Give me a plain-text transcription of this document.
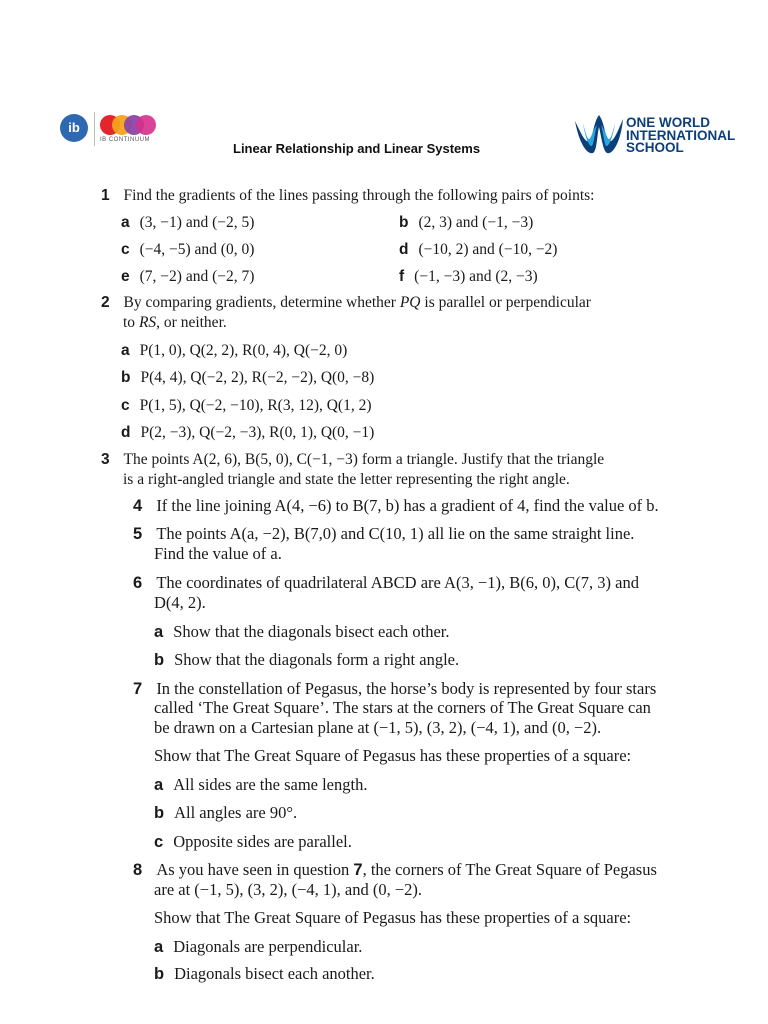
ib
IB CONTINUUM
Linear Relationship and Linear Systems
ONE WORLD
INTERNATIONAL
SCHOOL
1 Find the gradients of the lines passing through the following pairs of points:
a (3, −1) and (−2, 5)	b (2, 3) and (−1, −3)
c (−4, −5) and (0, 0)	d (−10, 2) and (−10, −2)
e (7, −2) and (−2, 7)	f (−1, −3) and (2, −3)
2 By comparing gradients, determine whether PQ is parallel or perpendicular
to RS, or neither.
a P(1, 0), Q(2, 2), R(0, 4), Q(−2, 0)
b P(4, 4), Q(−2, 2), R(−2, −2), Q(0, −8)
c P(1, 5), Q(−2, −10), R(3, 12), Q(1, 2)
d P(2, −3), Q(−2, −3), R(0, 1), Q(0, −1)
3 The points A(2, 6), B(5, 0), C(−1, −3) form a triangle. Justify that the triangle
is a right-angled triangle and state the letter representing the right angle.
4 If the line joining A(4, −6) to B(7, b) has a gradient of 4, find the value of b.
5 The points A(a, −2), B(7,0) and C(10, 1) all lie on the same straight line.
Find the value of a.
6 The coordinates of quadrilateral ABCD are A(3, −1), B(6, 0), C(7, 3) and
D(4, 2).
a Show that the diagonals bisect each other.
b Show that the diagonals form a right angle.
7 In the constellation of Pegasus, the horse’s body is represented by four stars
called ‘The Great Square’. The stars at the corners of The Great Square can
be drawn on a Cartesian plane at (−1, 5), (3, 2), (−4, 1), and (0, −2).
Show that The Great Square of Pegasus has these properties of a square:
a All sides are the same length.
b All angles are 90°.
c Opposite sides are parallel.
8 As you have seen in question 7, the corners of The Great Square of Pegasus
are at (−1, 5), (3, 2), (−4, 1), and (0, −2).
Show that The Great Square of Pegasus has these properties of a square:
a Diagonals are perpendicular.
b Diagonals bisect each another.
